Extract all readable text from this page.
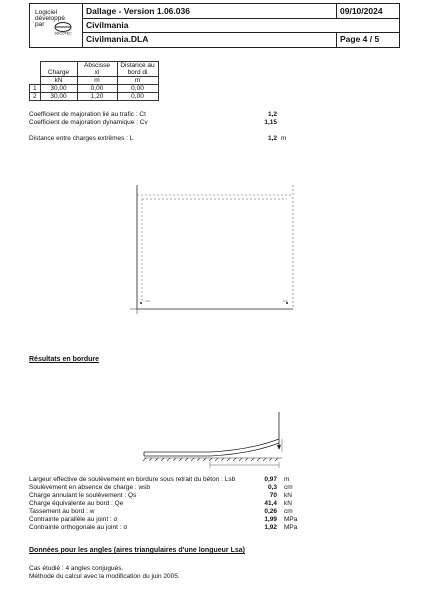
Logiciel
développé
par
SOCOTEC
Dallage - Version 1.06.036	09/10/2024
Civilmania
Civilmania.DLA	Page 4 / 5
		Abscisse	Distance au
	Charge	xi	bord di
	kN	m	m
1	30,00	0,00	0,00
2	30,00	1,20	0,00
Coefficient de majoration lié au trafic : Ct	1,2
Coefficient de majoration dynamique : Cv	1,15
Distance entre charges extrêmes : L	1,2 m
Résultats en bordure
Largeur effective de soulèvement en bordure sous retrait du béton : Lsb	0,97 m
Soulèvement en absence de charge : wsb	0,3 cm
Charge annulant le soulèvement : Qs	70 kN
Charge équivalente au bord : Qe	41,4 kN
Tassement au bord : w	0,26 cm
Contrainte parallèle au joint : σ	1,99 MPa
Contrainte orthogonale au joint : σ	1,92 MPa
Données pour les angles (aires triangulaires d'une longueur Lsa)
Cas étudié : 4 angles conjugués.
Méthode du calcul avec la modification du juin 2005.
